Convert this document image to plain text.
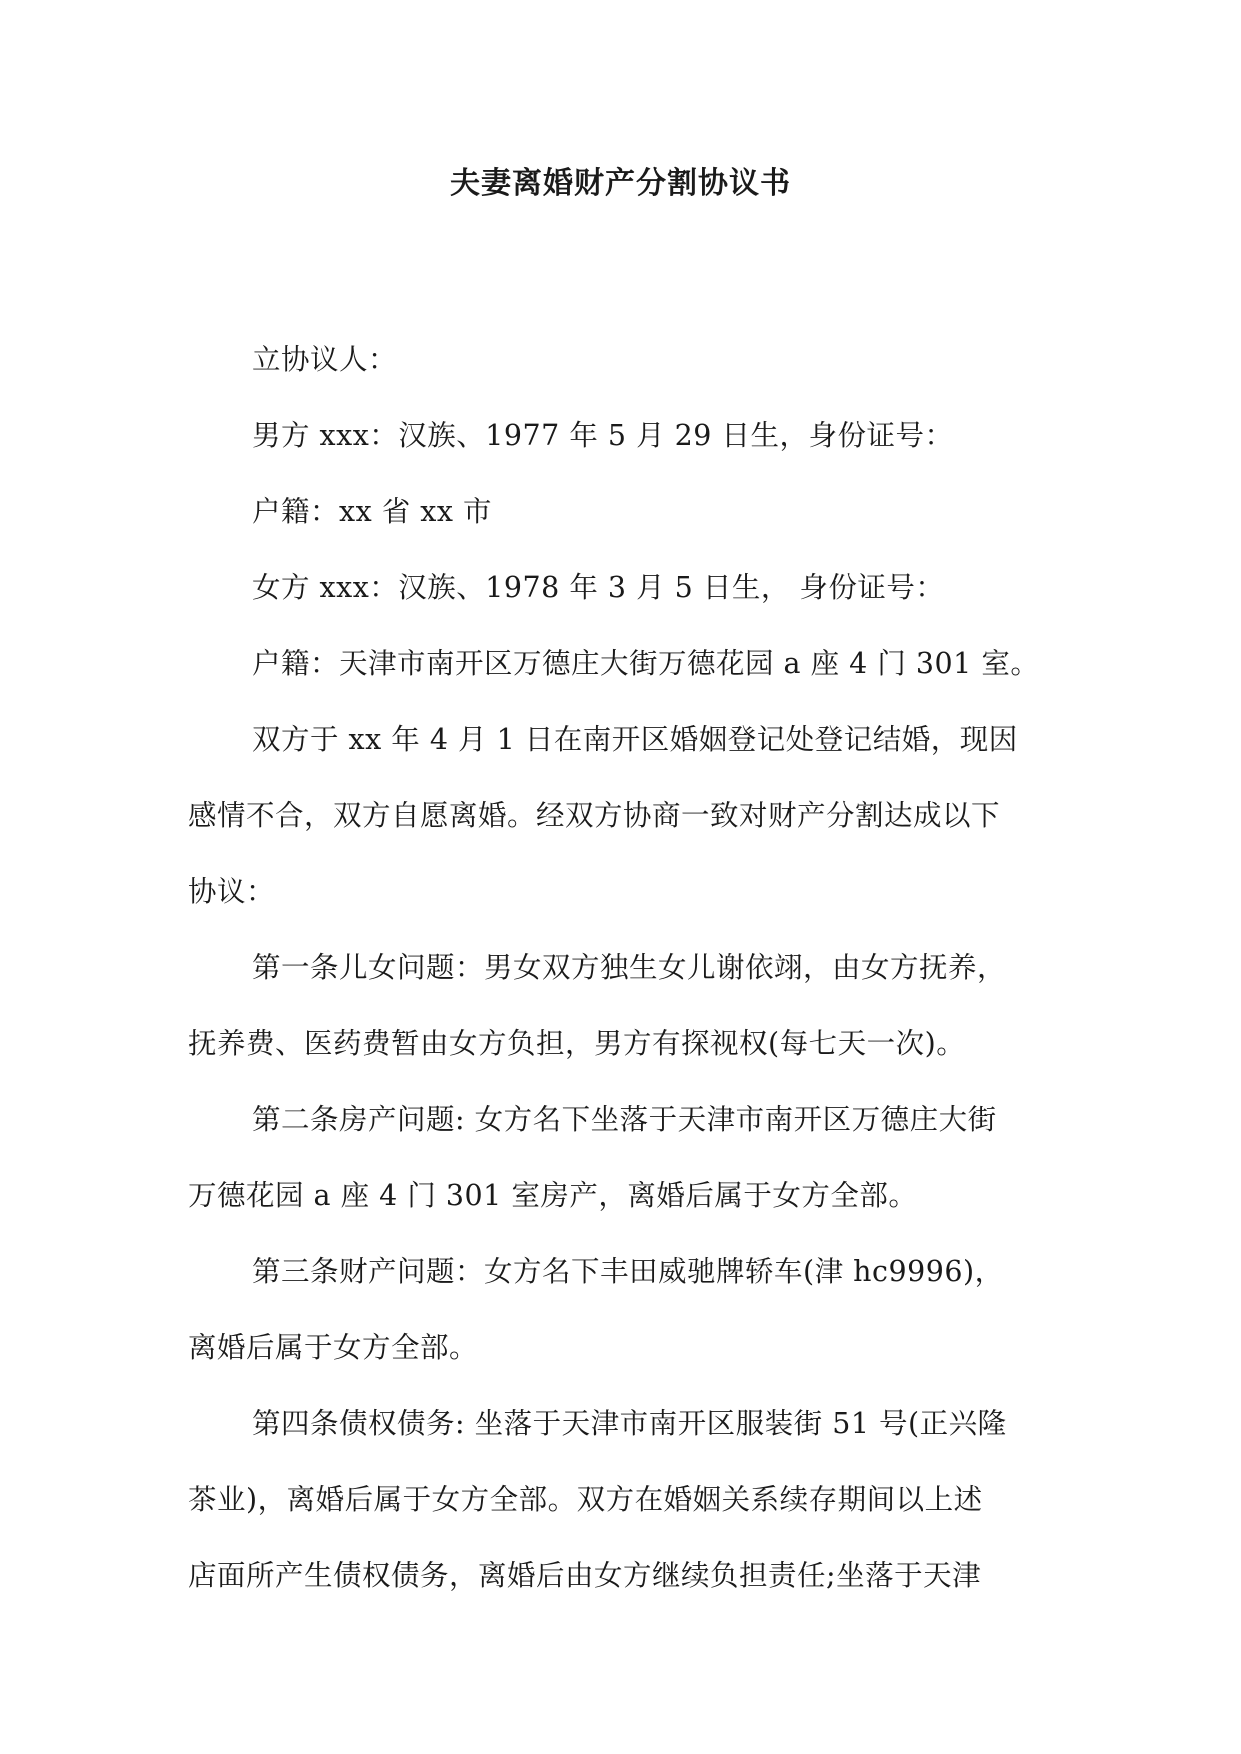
夫妻离婚财产分割协议书
立协议人：
男方 xxx：汉族、1977 年 5 月 29 日生，身份证号：
户籍：xx 省 xx 市
女方 xxx：汉族、1978 年 3 月 5 日生， 身份证号：
户籍：天津市南开区万德庄大街万德花园 a 座 4 门 301 室。
双方于 xx 年 4 月 1 日在南开区婚姻登记处登记结婚，现因
感情不合，双方自愿离婚。经双方协商一致对财产分割达成以下
协议：
第一条儿女问题：男女双方独生女儿谢依翊，由女方抚养，
抚养费、医药费暂由女方负担，男方有探视权(每七天一次)。
第二条房产问题: 女方名下坐落于天津市南开区万德庄大街
万德花园 a 座 4 门 301 室房产，离婚后属于女方全部。
第三条财产问题：女方名下丰田威驰牌轿车(津 hc9996)，
离婚后属于女方全部。
第四条债权债务: 坐落于天津市南开区服装街 51 号(正兴隆
茶业)，离婚后属于女方全部。双方在婚姻关系续存期间以上述
店面所产生债权债务，离婚后由女方继续负担责任;坐落于天津
